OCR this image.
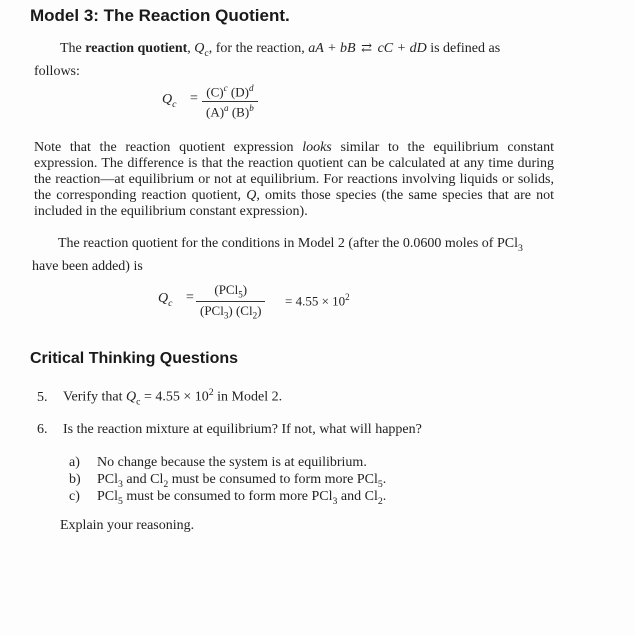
Model 3: The Reaction Quotient.
The reaction quotient, $Q_c$, for the reaction, aA + bB ⇄ cC + dD is defined as
follows:
$Q_c = \frac{(C)^c (D)^d}{(A)^a (B)^b}$
Note that the reaction quotient expression looks similar to the equilibrium constant expression. The difference is that the reaction quotient can be calculated at any time during the reaction—at equilibrium or not at equilibrium. For reactions involving liquids or solids, the corresponding reaction quotient, Q, omits those species (the same species that are not included in the equilibrium constant expression).
The reaction quotient for the conditions in Model 2 (after the 0.0600 moles of PCl$_3$
have been added) is
$Q_c$ =
(PCl$_5$)
(PCl$_3$) $(Cl_2)$
= $4.55 \times 10^2$
Critical Thinking Questions
5. Verify that $Q_c = 4.55 \times 10^2$ in Model 2.
6. Is the reaction mixture at equilibrium? If not, what will happen?
a) No change because the system is at equilibrium.
b) PCl$_3$ and $Cl_2$ must be consumed to form more PCl$_5$.
c) PCl$_5$ must be consumed to form more PCl$_3$ and $Cl_2$.
Explain your reasoning.
